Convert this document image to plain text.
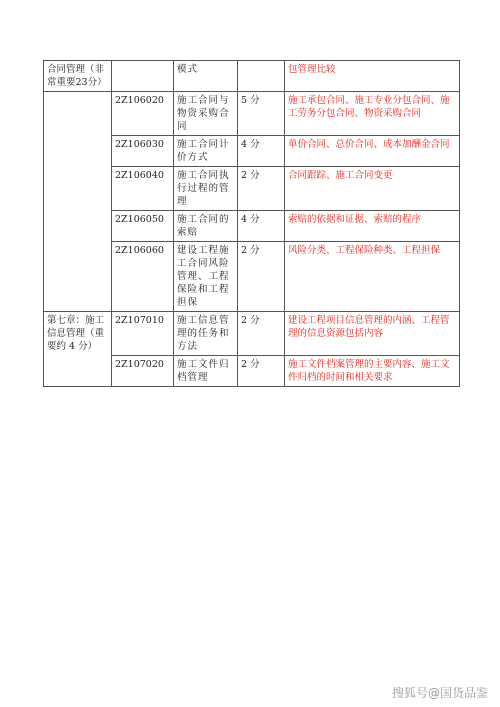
合同管理（非常重要23分）		模式		包管理比较
	2Z106020	施工合同与物资采购合同	5 分	施工承包合同、施工专业分包合同、施工劳务分包合同、物资采购合同
	2Z106030	施工合同计价方式	4 分	单价合同、总价合同、成本加酬金合同
	2Z106040	施工合同执行过程的管理	2 分	合同跟踪、施工合同变更
	2Z106050	施工合同的索赔	4 分	索赔的依据和证据、索赔的程序
	2Z106060	建设工程施工合同风险管理、工程保险和工程担保	2 分	风险分类、工程保险种类、工程担保
第七章：施工信息管理（重要约 4 分）	2Z107010	施工信息管理的任务和方法	2 分	建设工程项目信息管理的内涵、工程管理的信息资源包括内容
	2Z107020	施工文件归档管理	2 分	施工文件档案管理的主要内容、施工文件归档的时间和相关要求
搜狐号@国货品鉴
